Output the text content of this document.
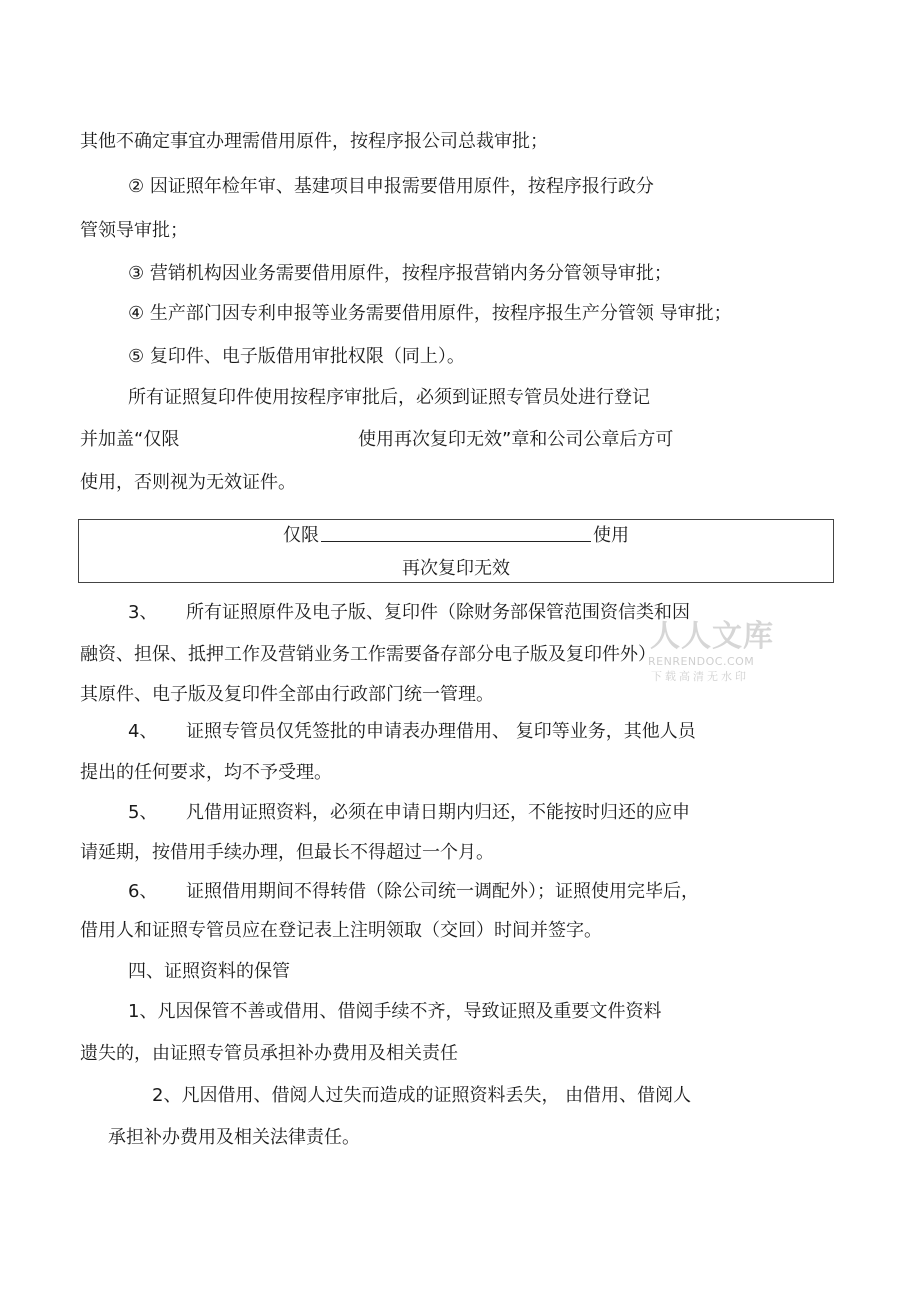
其他不确定事宜办理需借用原件，按程序报公司总裁审批；
② 因证照年检年审、基建项目申报需要借用原件，按程序报行政分
管领导审批；
③ 营销机构因业务需要借用原件，按程序报营销内务分管领导审批；
④ 生产部门因专利申报等业务需要借用原件，按程序报生产分管领 导审批；
⑤ 复印件、电子版借用审批权限（同上）。
所有证照复印件使用按程序审批后，必须到证照专管员处进行登记
并加盖“仅限	使用再次复印无效”章和公司公章后方可
使用，否则视为无效证件。
仅限	使用
再次复印无效
3、 所有证照原件及电子版、复印件（除财务部保管范围资信类和因
融资、担保、抵押工作及营销业务工作需要备存部分电子版及复印件外）
其原件、电子版及复印件全部由行政部门统一管理。
4、 证照专管员仅凭签批的申请表办理借用、 复印等业务，其他人员
提出的任何要求，均不予受理。
5、 凡借用证照资料，必须在申请日期内归还，不能按时归还的应申
请延期，按借用手续办理，但最长不得超过一个月。
6、 证照借用期间不得转借（除公司统一调配外）；证照使用完毕后，
借用人和证照专管员应在登记表上注明领取（交回）时间并签字。
四、证照资料的保管
1、凡因保管不善或借用、借阅手续不齐，导致证照及重要文件资料
遗失的，由证照专管员承担补办费用及相关责任
2、凡因借用、借阅人过失而造成的证照资料丢失， 由借用、借阅人
承担补办费用及相关法律责任。
人人文库
RENRENDOC.COM
下载高清无水印
